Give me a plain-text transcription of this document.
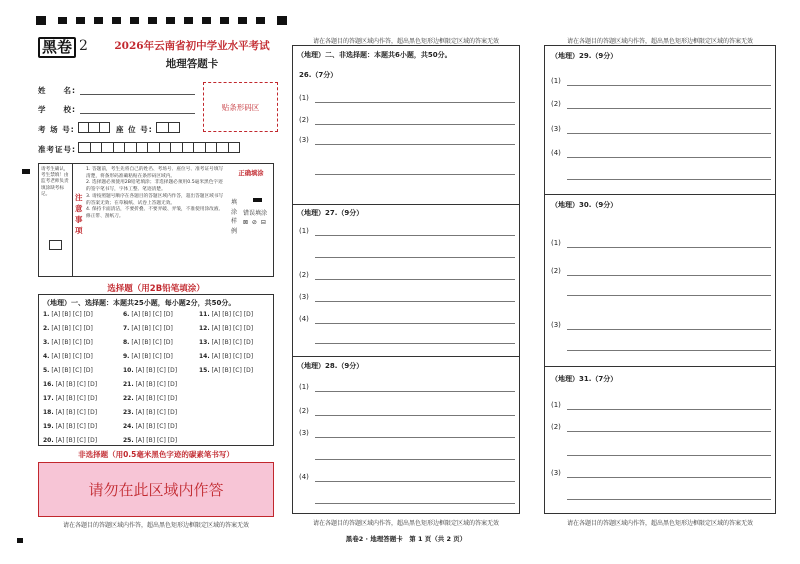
黑卷 2	2026年云南省初中学业水平考试
地理答题卡
姓　　名:
学　　校:
考 场 号:	座 位 号:
准考证号:
贴条形码区
请考生确认，考生禁填！由监考老师负责填涂缺考标记。	注意事项
1. 答题前，考生先将自己的姓名、考场号、座位号、准考证号填写清楚，将条形码准确粘贴在条形码区域内。
2. 选择题必须使用2B铅笔填涂；非选择题必须用0.5毫米黑色字迹的签字笔书写，字体工整、笔迹清楚。
3. 请按照题号顺序在各题目的答题区域内作答，超出答题区域书写的答案无效；在草稿纸、试卷上答题无效。
4. 保持卡面清洁，不要折叠、不要弄破、弄皱，不准使用涂改液、修正带、刮纸刀。
正确填涂
填涂样例
错误填涂
⊠ ⊘ ⊟
选择题（用2B铅笔填涂）
（地理）一、选择题：本题共25小题，每小题2分，共50分。
1. [A] [B] [C] [D]
2. [A] [B] [C] [D]
3. [A] [B] [C] [D]
4. [A] [B] [C] [D]
5. [A] [B] [C] [D]
6. [A] [B] [C] [D]
7. [A] [B] [C] [D]
8. [A] [B] [C] [D]
9. [A] [B] [C] [D]
10. [A] [B] [C] [D]
11. [A] [B] [C] [D]
12. [A] [B] [C] [D]
13. [A] [B] [C] [D]
14. [A] [B] [C] [D]
15. [A] [B] [C] [D]
16. [A] [B] [C] [D]
17. [A] [B] [C] [D]
18. [A] [B] [C] [D]
19. [A] [B] [C] [D]
20. [A] [B] [C] [D]
21. [A] [B] [C] [D]
22. [A] [B] [C] [D]
23. [A] [B] [C] [D]
24. [A] [B] [C] [D]
25. [A] [B] [C] [D]
非选择题（用0.5毫米黑色字迹的碳素笔书写）
请勿在此区域内作答
请在各题目的答题区域内作答，超出黑色矩形边框限定区域的答案无效
请在各题目的答题区域内作答，超出黑色矩形边框限定区域的答案无效
（地理）二、非选择题：本题共6小题，共50分。
26.（7分）
(1)
(2)
(3)
（地理）27.（9分）
(1)
(2)
(3)
(4)
（地理）28.（9分）
(1)
(2)
(3)
(4)
请在各题目的答题区域内作答，超出黑色矩形边框限定区域的答案无效
请在各题目的答题区域内作答，超出黑色矩形边框限定区域的答案无效
（地理）29.（9分）
(1)
(2)
(3)
(4)
（地理）30.（9分）
(1)
(2)
(3)
（地理）31.（7分）
(1)
(2)
(3)
请在各题目的答题区域内作答，超出黑色矩形边框限定区域的答案无效
黑卷2 · 地理答题卡　第 1 页（共 2 页）
